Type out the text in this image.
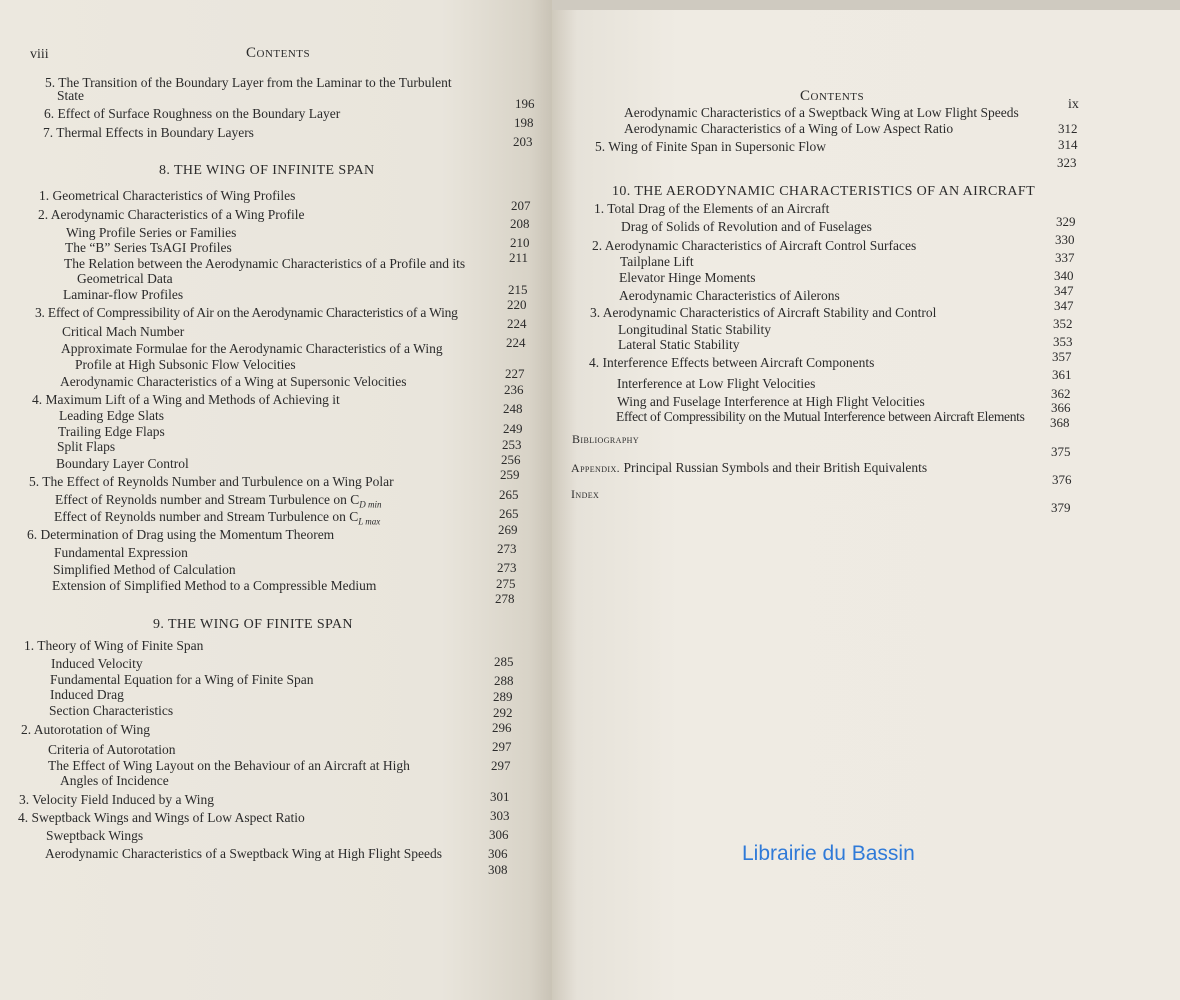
viii	Contents
5. The Transition of the Boundary Layer from the Laminar to the Turbulent
State
6. Effect of Surface Roughness on the Boundary Layer
7. Thermal Effects in Boundary Layers
8. THE WING OF INFINITE SPAN
1. Geometrical Characteristics of Wing Profiles
2. Aerodynamic Characteristics of a Wing Profile
Wing Profile Series or Families
The “B” Series TsAGI Profiles
The Relation between the Aerodynamic Characteristics of a Profile and its
Geometrical Data
Laminar-flow Profiles
3. Effect of Compressibility of Air on the Aerodynamic Characteristics of a Wing
Critical Mach Number
Approximate Formulae for the Aerodynamic Characteristics of a Wing
Profile at High Subsonic Flow Velocities
Aerodynamic Characteristics of a Wing at Supersonic Velocities
4. Maximum Lift of a Wing and Methods of Achieving it
Leading Edge Slats
Trailing Edge Flaps
Split Flaps
Boundary Layer Control
5. The Effect of Reynolds Number and Turbulence on a Wing Polar
Effect of Reynolds number and Stream Turbulence on $C_{D min}$
Effect of Reynolds number and Stream Turbulence on $C_{L max}$
6. Determination of Drag using the Momentum Theorem
Fundamental Expression
Simplified Method of Calculation
Extension of Simplified Method to a Compressible Medium
9. THE WING OF FINITE SPAN
1. Theory of Wing of Finite Span
Induced Velocity
Fundamental Equation for a Wing of Finite Span
Induced Drag
Section Characteristics
2. Autorotation of Wing
Criteria of Autorotation
The Effect of Wing Layout on the Behaviour of an Aircraft at High
Angles of Incidence
3. Velocity Field Induced by a Wing
4. Sweptback Wings and Wings of Low Aspect Ratio
Sweptback Wings
Aerodynamic Characteristics of a Sweptback Wing at High Flight Speeds
196
198
203
207
208
210
211
215
220
224
224
227
236
248
249
253
256
259
265
265
269
273
273
275
278
285
288
289
292
296
297
297
301
303
306
306
308
Contents
ix
Aerodynamic Characteristics of a Sweptback Wing at Low Flight Speeds
Aerodynamic Characteristics of a Wing of Low Aspect Ratio
5. Wing of Finite Span in Supersonic Flow
10. THE AERODYNAMIC CHARACTERISTICS OF AN AIRCRAFT
1. Total Drag of the Elements of an Aircraft
Drag of Solids of Revolution and of Fuselages
2. Aerodynamic Characteristics of Aircraft Control Surfaces
Tailplane Lift
Elevator Hinge Moments
Aerodynamic Characteristics of Ailerons
3. Aerodynamic Characteristics of Aircraft Stability and Control
Longitudinal Static Stability
Lateral Static Stability
4. Interference Effects between Aircraft Components
Interference at Low Flight Velocities
Wing and Fuselage Interference at High Flight Velocities
Effect of Compressibility on the Mutual Interference between Aircraft Elements
Bibliography
Appendix. Principal Russian Symbols and their British Equivalents
Index
312
314
323
329
330
337
340
347
347
352
353
357
361
362
366
368
375
376
379
Librairie du Bassin
